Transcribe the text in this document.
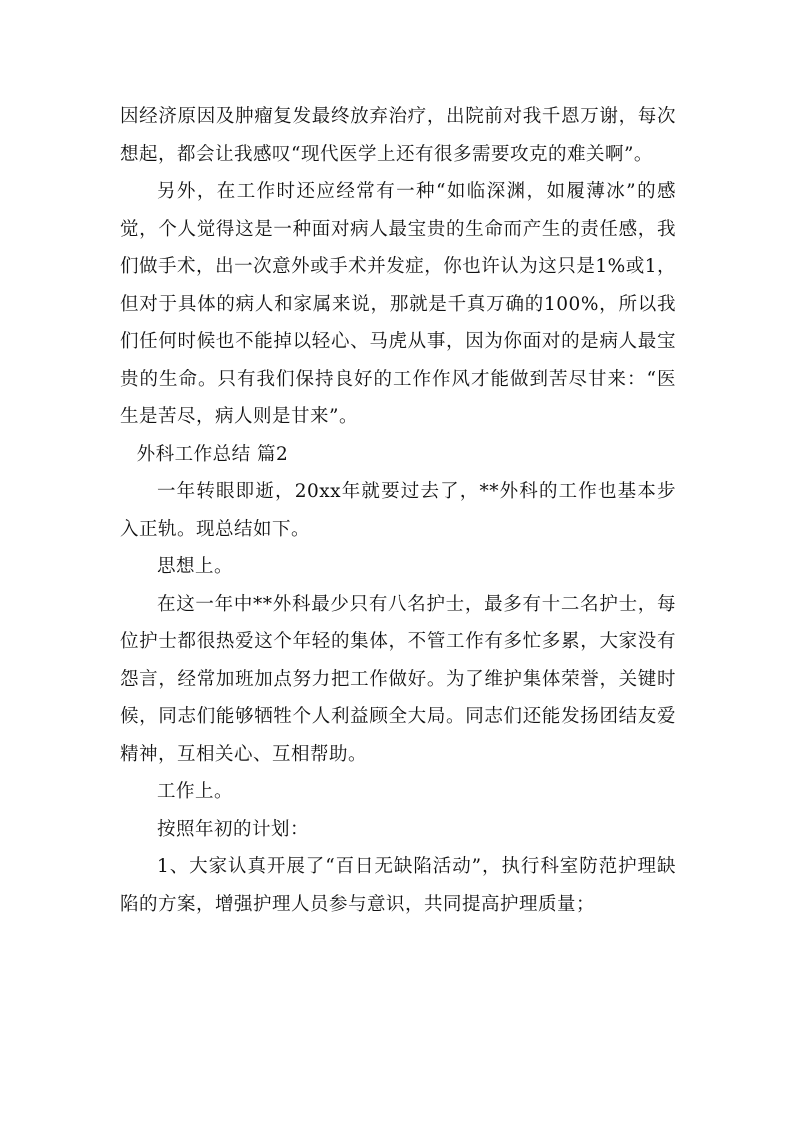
因经济原因及肿瘤复发最终放弃治疗，出院前对我千恩万谢，每次想起，都会让我感叹“现代医学上还有很多需要攻克的难关啊”。

另外，在工作时还应经常有一种“如临深渊，如履薄冰”的感觉，个人觉得这是一种面对病人最宝贵的生命而产生的责任感，我们做手术，出一次意外或手术并发症，你也许认为这只是1%或1，但对于具体的病人和家属来说，那就是千真万确的100%，所以我们任何时候也不能掉以轻心、马虎从事，因为你面对的是病人最宝贵的生命。只有我们保持良好的工作作风才能做到苦尽甘来：“医生是苦尽，病人则是甘来”。

外科工作总结 篇2

一年转眼即逝，20xx年就要过去了，**外科的工作也基本步入正轨。现总结如下。

思想上。

在这一年中**外科最少只有八名护士，最多有十二名护士，每位护士都很热爱这个年轻的集体，不管工作有多忙多累，大家没有怨言，经常加班加点努力把工作做好。为了维护集体荣誉，关键时候，同志们能够牺牲个人利益顾全大局。同志们还能发扬团结友爱精神，互相关心、互相帮助。

工作上。

按照年初的计划：

1、大家认真开展了“百日无缺陷活动”，执行科室防范护理缺陷的方案，增强护理人员参与意识，共同提高护理质量；
